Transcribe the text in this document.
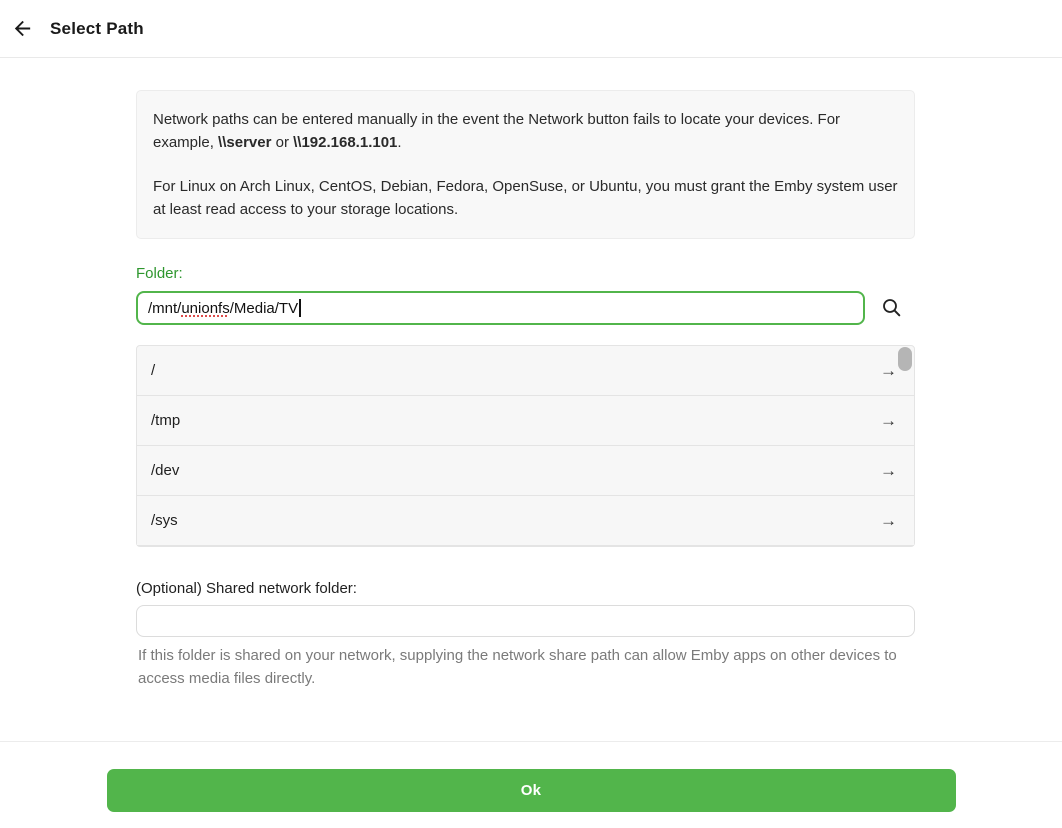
Select Path

Network paths can be entered manually in the event the Network button fails to locate your devices. For example, \\server or \\192.168.1.101.

For Linux on Arch Linux, CentOS, Debian, Fedora, OpenSuse, or Ubuntu, you must grant the Emby system user at least read access to your storage locations.

Folder:
/mnt/ unionfs /Media/TV
/	→
/tmp	→
/dev	→
/sys	→
(Optional) Shared network folder:
If this folder is shared on your network, supplying the network share path can allow Emby apps on other devices to access media files directly.
Ok
